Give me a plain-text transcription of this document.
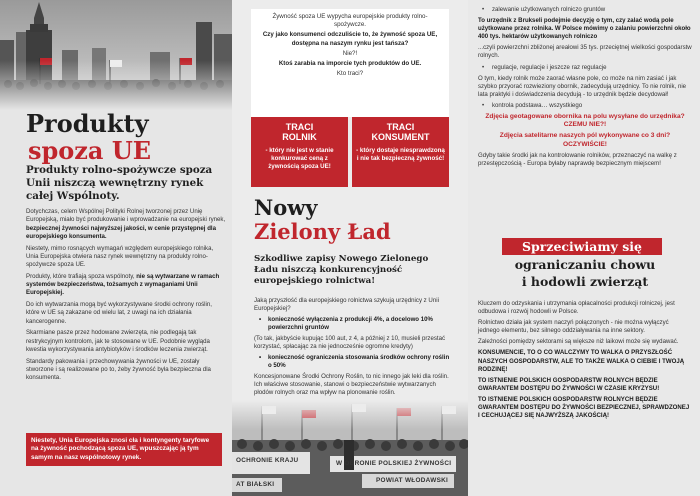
Produkty
spoza UE
Produkty rolno-spożywcze spoza Unii niszczą wewnętrzny rynek całej Wspólnoty.

Dotychczas, celem Wspólnej Polityki Rolnej tworzonej przez Unię Europejską, miało być produkowanie i wprowadzanie na europejski rynek, bezpiecznej żywności najwyższej jakości, w cenie przystępnej dla europejskiego konsumenta.

Niestety, mimo rosnących wymagań względem europejskiego rolnika, Unia Europejska otwiera nasz rynek wewnętrzny na produkty rolno-spożywcze spoza UE.

Produkty, które trafiają spoza wspólnoty, nie są wytwarzane w ramach systemów bezpieczeństwa, tożsamych z wymaganiami Unii Europejskiej.

Do ich wytwarzania mogą być wykorzystywane środki ochrony roślin, które w UE są zakazane od wielu lat, z uwagi na ich działania kancerogenne.

Skarmiane pasze przez hodowane zwierzęta, nie podlegają tak restrykcyjnym kontrolom, jak te stosowane w UE. Podobnie wygląda kwestia wykorzystywania antybiotyków i środków leczenia zwierząt.

Standardy pakowania i przechowywania żywności w UE, zostały stworzone i są realizowane po to, żeby żywność była bezpieczna dla konsumenta.

Niestety, Unia Europejska znosi cła i kontyngenty taryfowe na żywność pochodzącą spoza UE, wpuszczając ją tym samym na nasz wspólnotowy rynek.

Żywność spoza UE wypycha europejskie produkty rolno-spożywcze.

Czy jako konsumenci odczuliście to, że żywność spoza UE, dostępna na naszym rynku jest tańsza?

Nie?!

Ktoś zarabia na imporcie tych produktów do UE.

Kto traci?

TRACI
ROLNIK
- który nie jest w stanie konkurować ceną z żywnością spoza UE!
TRACI
KONSUMENT
- który dostaje niesprawdzoną i nie tak bezpieczną żywność!
Nowy
Zielony Ład
Szkodliwe zapisy Nowego Zielonego Ładu niszczą konkurencyjność europejskiego rolnictwa!

Jaką przyszłość dla europejskiego rolnictwa szykują urzędnicy z Unii Europejskiej?

• konieczność wyłączenia z produkcji 4%, a docelowo 10% powierzchni gruntów

(To tak, jakbyście kupując 100 aut, z 4, a później z 10, musieli przestać korzystać, spłacając za nie jednocześnie ogromne kredyty)

• konieczność ograniczenia stosowania środków ochrony roślin o 50%

Koncesjonowane Środki Ochrony Roślin, to nic innego jak leki dla roślin. Ich właściwe stosowanie, stanowi o bezpieczeństwie wytwarzanych płodów rolnych oraz ma wpływ na plonowanie roślin.

OCHRONIE KRAJU	W OBRONIE POLSKIEJ ŻYWNOŚCI
POWIAT WŁODAWSKI
AT BIAŁSKI

• zalewanie użytkowanych rolniczo gruntów

To urzędnik z Brukseli podejmie decyzję o tym, czy zalać wodą pole użytkowane przez rolnika. W Polsce mówimy o zalaniu powierzchni około 400 tys. hektarów użytkowanych rolniczo

...czyli powierzchni zbliżonej areałowi 35 tys. przeciętnej wielkości gospodarstw rolnych.

• regulacje, regulacje i jeszcze raz regulacje

O tym, kiedy rolnik może zaorać własne pole, co może na nim zasiać i jak szybko przyorać rozwieziony obornik, zadecydują urzędnicy. To nie rolnik, nie lata praktyki i doświadczenia decydują - to urzędnik będzie decydował!

• kontrola podstawa… wszystkiego

Zdjęcia geotagowane obornika na polu wysyłane do urzędnika? CZEMU NIE?!

Zdjęcia satelitarne naszych pól wykonywane co 3 dni? OCZYWIŚCIE!

Gdyby takie środki jak na kontrolowanie rolników, przeznaczyć na walkę z przestępczością - Europa byłaby naprawdę bezpiecznym miejscem!

Sprzeciwiamy się
ograniczaniu chowu
i hodowli zwierząt

Kluczem do odzyskania i utrzymania opłacalności produkcji rolniczej, jest odbudowa i rozwój hodowli w Polsce.

Rolnictwo działa jak system naczyń połączonych - nie można wyłączyć jednego elementu, bez silnego oddziaływania na inne sektory.

Zależności pomiędzy sektorami są większe niż laikowi może się wydawać.

KONSUMENCIE, TO O CO WALCZYMY TO WALKA O PRZYSZŁOŚĆ NASZYCH GOSPODARSTW, ALE TO TAKŻE WALKA O CIEBIE I TWOJĄ RODZINĘ!

TO ISTNIENIE POLSKICH GOSPODARSTW ROLNYCH BĘDZIE GWARANTEM DOSTĘPU DO ŻYWNOŚCI W CZASIE KRYZYSU!

TO ISTNIENIE POLSKICH GOSPODARSTW ROLNYCH BĘDZIE GWARANTEM DOSTĘPU DO ŻYWNOŚCI BEZPIECZNEJ, SPRAWDZONEJ I CECHUJĄCEJ SIĘ NAJWYŻSZĄ JAKOŚCIĄ!
